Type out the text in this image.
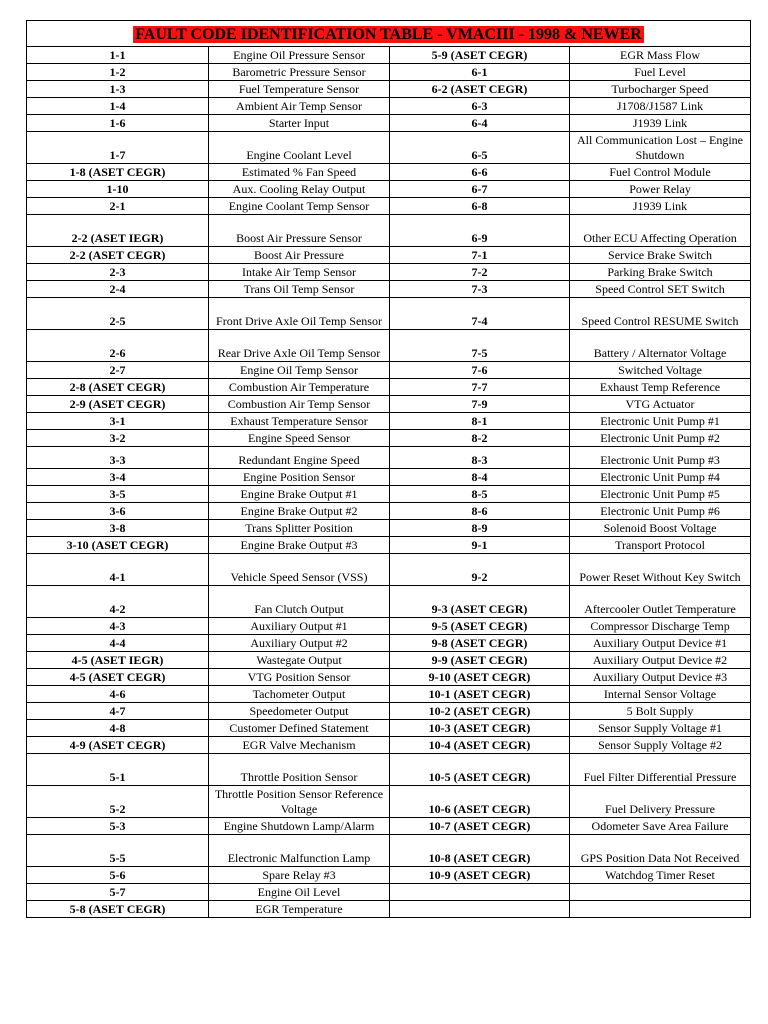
FAULT CODE IDENTIFICATION TABLE - VMACIII - 1998 & NEWER			
1-1	Engine Oil Pressure Sensor	5-9 (ASET CEGR)	EGR Mass Flow
1-2	Barometric Pressure Sensor	6-1	Fuel Level
1-3	Fuel Temperature Sensor	6-2 (ASET CEGR)	Turbocharger Speed
1-4	Ambient Air Temp Sensor	6-3	J1708/J1587 Link
1-6	Starter Input	6-4	J1939 Link
1-7	Engine Coolant Level	6-5	All Communication Lost – Engine Shutdown
1-8 (ASET CEGR)	Estimated % Fan Speed	6-6	Fuel Control Module
1-10	Aux. Cooling Relay Output	6-7	Power Relay
2-1	Engine Coolant Temp Sensor	6-8	J1939 Link
2-2 (ASET IEGR)	Boost Air Pressure Sensor	6-9	Other ECU Affecting Operation
2-2 (ASET CEGR)	Boost Air Pressure	7-1	Service Brake Switch
2-3	Intake Air Temp Sensor	7-2	Parking Brake Switch
2-4	Trans Oil Temp Sensor	7-3	Speed Control SET Switch
2-5	Front Drive Axle Oil Temp Sensor	7-4	Speed Control RESUME Switch
2-6	Rear Drive Axle Oil Temp Sensor	7-5	Battery / Alternator Voltage
2-7	Engine Oil Temp Sensor	7-6	Switched Voltage
2-8 (ASET CEGR)	Combustion Air Temperature	7-7	Exhaust Temp Reference
2-9 (ASET CEGR)	Combustion Air Temp Sensor	7-9	VTG Actuator
3-1	Exhaust Temperature Sensor	8-1	Electronic Unit Pump #1
3-2	Engine Speed Sensor	8-2	Electronic Unit Pump #2
3-3	Redundant Engine Speed	8-3	Electronic Unit Pump #3
3-4	Engine Position Sensor	8-4	Electronic Unit Pump #4
3-5	Engine Brake Output #1	8-5	Electronic Unit Pump #5
3-6	Engine Brake Output #2	8-6	Electronic Unit Pump #6
3-8	Trans Splitter Position	8-9	Solenoid Boost Voltage
3-10 (ASET CEGR)	Engine Brake Output #3	9-1	Transport Protocol
4-1	Vehicle Speed Sensor (VSS)	9-2	Power Reset Without Key Switch
4-2	Fan Clutch Output	9-3 (ASET CEGR)	Aftercooler Outlet Temperature
4-3	Auxiliary Output #1	9-5 (ASET CEGR)	Compressor Discharge Temp
4-4	Auxiliary Output #2	9-8 (ASET CEGR)	Auxiliary Output Device #1
4-5 (ASET IEGR)	Wastegate Output	9-9 (ASET CEGR)	Auxiliary Output Device #2
4-5 (ASET CEGR)	VTG Position Sensor	9-10 (ASET CEGR)	Auxiliary Output Device #3
4-6	Tachometer Output	10-1 (ASET CEGR)	Internal Sensor Voltage
4-7	Speedometer Output	10-2 (ASET CEGR)	5 Bolt Supply
4-8	Customer Defined Statement	10-3 (ASET CEGR)	Sensor Supply Voltage #1
4-9 (ASET CEGR)	EGR Valve Mechanism	10-4 (ASET CEGR)	Sensor Supply Voltage #2
5-1	Throttle Position Sensor	10-5 (ASET CEGR)	Fuel Filter Differential Pressure
5-2	Throttle Position Sensor Reference Voltage	10-6 (ASET CEGR)	Fuel Delivery Pressure
5-3	Engine Shutdown Lamp/Alarm	10-7 (ASET CEGR)	Odometer Save Area Failure
5-5	Electronic Malfunction Lamp	10-8 (ASET CEGR)	GPS Position Data Not Received
5-6	Spare Relay #3	10-9 (ASET CEGR)	Watchdog Timer Reset
5-7	Engine Oil Level		
5-8 (ASET CEGR)	EGR Temperature		
